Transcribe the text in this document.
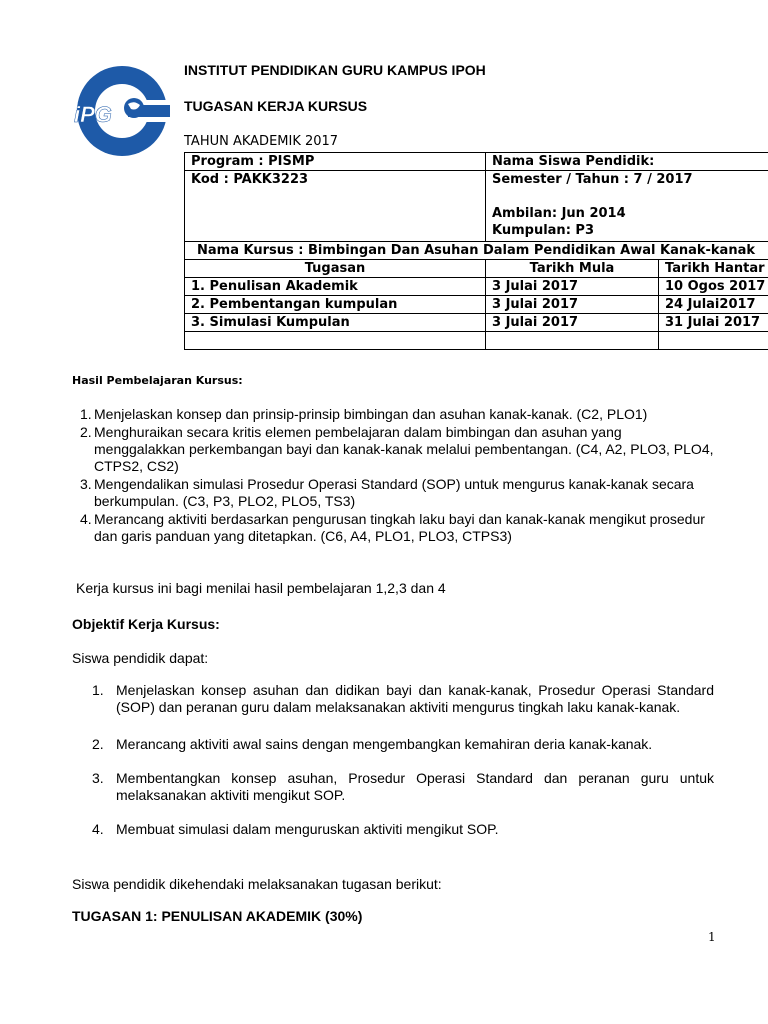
iPG
INSTITUT PENDIDIKAN GURU KAMPUS IPOH
TUGASAN KERJA KURSUS
TAHUN AKADEMIK 2017
Program : PISMP	Nama Siswa Pendidik:	
Kod : PAKK3223	Semester / Tahun : 7 / 2017
Ambilan: Jun 2014
Kumpulan: P3	

Nama Kursus : Bimbingan Dan Asuhan Dalam Pendidikan Awal Kanak-kanak		
Tugasan	Tarikh Mula	Tarikh Hantar
1. Penulisan Akademik	3 Julai 2017	10 Ogos 2017
2. Pembentangan kumpulan	3 Julai 2017	24 Julai2017
3. Simulasi Kumpulan	3 Julai 2017	31 Julai 2017

Hasil Pembelajaran Kursus:
1. Menjelaskan konsep dan prinsip-prinsip bimbingan dan asuhan kanak-kanak. (C2, PLO1)
2. Menghuraikan secara kritis elemen pembelajaran dalam bimbingan dan asuhan yang menggalakkan perkembangan bayi dan kanak-kanak melalui pembentangan. (C4, A2, PLO3, PLO4, CTPS2, CS2)
3. Mengendalikan simulasi Prosedur Operasi Standard (SOP) untuk mengurus kanak-kanak secara berkumpulan. (C3, P3, PLO2, PLO5, TS3)
4. Merancang aktiviti berdasarkan pengurusan tingkah laku bayi dan kanak-kanak mengikut prosedur dan garis panduan yang ditetapkan. (C6, A4, PLO1, PLO3, CTPS3)
Kerja kursus ini bagi menilai hasil pembelajaran 1,2,3 dan 4
Objektif Kerja Kursus:
Siswa pendidik dapat:
1. Menjelaskan konsep asuhan dan didikan bayi dan kanak-kanak, Prosedur Operasi Standard (SOP) dan peranan guru dalam melaksanakan aktiviti mengurus tingkah laku kanak-kanak.
2. Merancang aktiviti awal sains dengan mengembangkan kemahiran deria kanak-kanak.
3. Membentangkan konsep asuhan, Prosedur Operasi Standard dan peranan guru untuk melaksanakan aktiviti mengikut SOP.
4. Membuat simulasi dalam menguruskan aktiviti mengikut SOP.
Siswa pendidik dikehendaki melaksanakan tugasan berikut:
TUGASAN 1: PENULISAN AKADEMIK (30%)
1
